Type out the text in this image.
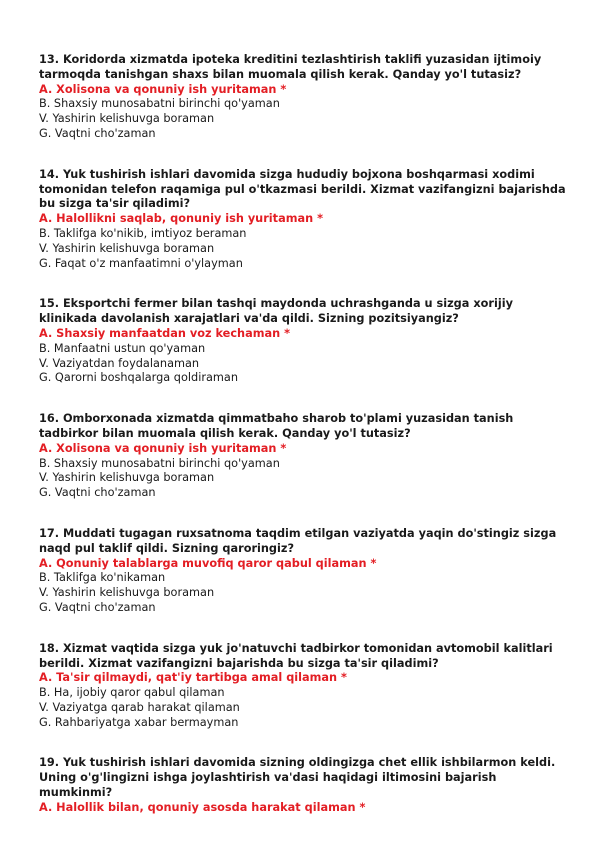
13. Koridorda xizmatda ipoteka kreditini tezlashtirish taklifi yuzasidan ijtimoiy tarmoqda tanishgan shaxs bilan muomala qilish kerak. Qanday yo'l tutasiz?

A. Xolisona va qonuniy ish yuritaman *

B. Shaxsiy munosabatni birinchi qo'yaman

V. Yashirin kelishuvga boraman

G. Vaqtni cho'zaman

14. Yuk tushirish ishlari davomida sizga hududiy bojxona boshqarmasi xodimi tomonidan telefon raqamiga pul o'tkazmasi berildi. Xizmat vazifangizni bajarishda bu sizga ta'sir qiladimi?

A. Halollikni saqlab, qonuniy ish yuritaman *

B. Taklifga ko'nikib, imtiyoz beraman

V. Yashirin kelishuvga boraman

G. Faqat o'z manfaatimni o'ylayman

15. Eksportchi fermer bilan tashqi maydonda uchrashganda u sizga xorijiy klinikada davolanish xarajatlari va'da qildi. Sizning pozitsiyangiz?

A. Shaxsiy manfaatdan voz kechaman *

B. Manfaatni ustun qo'yaman

V. Vaziyatdan foydalanaman

G. Qarorni boshqalarga qoldiraman

16. Omborxonada xizmatda qimmatbaho sharob to'plami yuzasidan tanish tadbirkor bilan muomala qilish kerak. Qanday yo'l tutasiz?

A. Xolisona va qonuniy ish yuritaman *

B. Shaxsiy munosabatni birinchi qo'yaman

V. Yashirin kelishuvga boraman

G. Vaqtni cho'zaman

17. Muddati tugagan ruxsatnoma taqdim etilgan vaziyatda yaqin do'stingiz sizga naqd pul taklif qildi. Sizning qaroringiz?

A. Qonuniy talablarga muvofiq qaror qabul qilaman *

B. Taklifga ko'nikaman

V. Yashirin kelishuvga boraman

G. Vaqtni cho'zaman

18. Xizmat vaqtida sizga yuk jo'natuvchi tadbirkor tomonidan avtomobil kalitlari berildi. Xizmat vazifangizni bajarishda bu sizga ta'sir qiladimi?

A. Ta'sir qilmaydi, qat'iy tartibga amal qilaman *

B. Ha, ijobiy qaror qabul qilaman

V. Vaziyatga qarab harakat qilaman

G. Rahbariyatga xabar bermayman

19. Yuk tushirish ishlari davomida sizning oldingizga chet ellik ishbilarmon keldi. Uning o'g'lingizni ishga joylashtirish va'dasi haqidagi iltimosini bajarish mumkinmi?

A. Halollik bilan, qonuniy asosda harakat qilaman *
